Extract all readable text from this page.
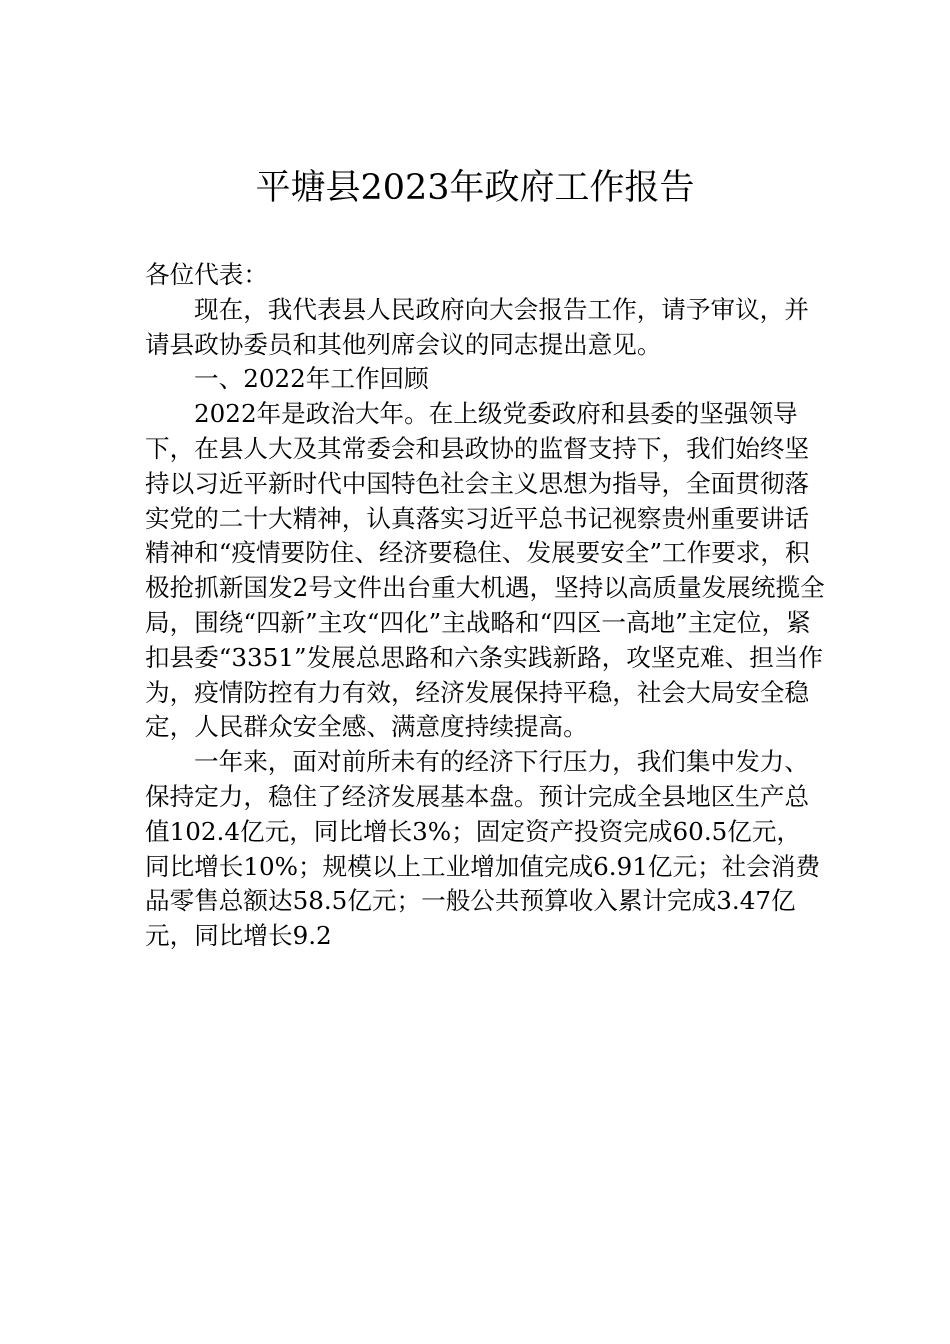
平塘县2023年政府工作报告

各位代表：

现在，我代表县人民政府向大会报告工作，请予审议，并请县政协委员和其他列席会议的同志提出意见。

一、2022年工作回顾

2022年是政治大年。在上级党委政府和县委的坚强领导下，在县人大及其常委会和县政协的监督支持下，我们始终坚持以习近平新时代中国特色社会主义思想为指导，全面贯彻落实党的二十大精神，认真落实习近平总书记视察贵州重要讲话精神和“疫情要防住、经济要稳住、发展要安全”工作要求，积极抢抓新国发2号文件出台重大机遇，坚持以高质量发展统揽全局，围绕“四新”主攻“四化”主战略和“四区一高地”主定位，紧扣县委“3351”发展总思路和六条实践新路，攻坚克难、担当作为，疫情防控有力有效，经济发展保持平稳，社会大局安全稳定，人民群众安全感、满意度持续提高。

一年来，面对前所未有的经济下行压力，我们集中发力、保持定力，稳住了经济发展基本盘。预计完成全县地区生产总值102.4亿元，同比增长3%；固定资产投资完成60.5亿元，同比增长10%；规模以上工业增加值完成6.91亿元；社会消费品零售总额达58.5亿元；一般公共预算收入累计完成3.47亿元，同比增长9.2
